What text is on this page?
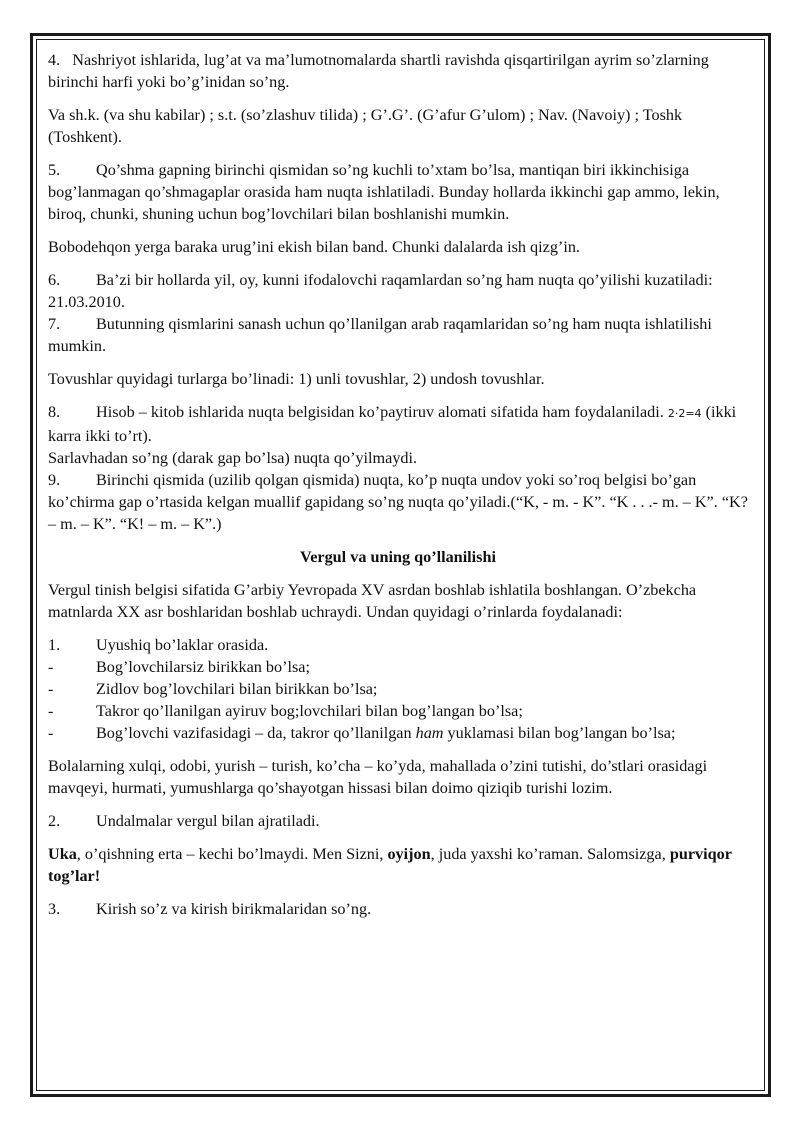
4. Nashriyot ishlarida, lug’at va ma’lumotnomalarda shartli ravishda qisqartirilgan ayrim so’zlarning birinchi harfi yoki bo’g’inidan so’ng.

Va sh.k. (va shu kabilar) ; s.t. (so’zlashuv tilida) ; G’.G’. (G’afur G’ulom) ; Nav. (Navoiy) ; Toshk (Toshkent).

5. Qo’shma gapning birinchi qismidan so’ng kuchli to’xtam bo’lsa, mantiqan biri ikkinchisiga bog’lanmagan qo’shmagaplar orasida ham nuqta ishlatiladi. Bunday hollarda ikkinchi gap ammo, lekin, biroq, chunki, shuning uchun bog’lovchilari bilan boshlanishi mumkin.

Bobodehqon yerga baraka urug’ini ekish bilan band. Chunki dalalarda ish qizg’in.

6. Ba’zi bir hollarda yil, oy, kunni ifodalovchi raqamlardan so’ng ham nuqta qo’yilishi kuzatiladi: 21.03.2010.

7. Butunning qismlarini sanash uchun qo’llanilgan arab raqamlaridan so’ng ham nuqta ishlatilishi mumkin.

Tovushlar quyidagi turlarga bo’linadi: 1) unli tovushlar, 2) undosh tovushlar.

8. Hisob – kitob ishlarida nuqta belgisidan ko’paytiruv alomati sifatida ham foydalaniladi. 2·2=4 (ikki karra ikki to’rt).

Sarlavhadan so’ng (darak gap bo’lsa) nuqta qo’yilmaydi.

9. Birinchi qismida (uzilib qolgan qismida) nuqta, ko’p nuqta undov yoki so’roq belgisi bo’gan ko’chirma gap o’rtasida kelgan muallif gapidang so’ng nuqta qo’yiladi.(“K, - m. - K”. “K . . .- m. – K”. “K? – m. – K”. “K! – m. – K”.)

Vergul va uning qo’llanilishi

Vergul tinish belgisi sifatida G’arbiy Yevropada XV asrdan boshlab ishlatila boshlangan. O’zbekcha matnlarda XX asr boshlaridan boshlab uchraydi. Undan quyidagi o’rinlarda foydalanadi:

1. Uyushiq bo’laklar orasida.

-	Bog’lovchilarsiz birikkan bo’lsa;

-	Zidlov bog’lovchilari bilan birikkan bo’lsa;

-	Takror qo’llanilgan ayiruv bog;lovchilari bilan bog’langan bo’lsa;

-	Bog’lovchi vazifasidagi – da, takror qo’llanilgan ham yuklamasi bilan bog’langan bo’lsa;

Bolalarning xulqi, odobi, yurish – turish, ko’cha – ko’yda, mahallada o’zini tutishi, do’stlari orasidagi mavqeyi, hurmati, yumushlarga qo’shayotgan hissasi bilan doimo qiziqib turishi lozim.

2. Undalmalar vergul bilan ajratiladi.

Uka, o’qishning erta – kechi bo’lmaydi. Men Sizni, oyijon, juda yaxshi ko’raman. Salomsizga, purviqor tog’lar!

3. Kirish so’z va kirish birikmalaridan so’ng.
